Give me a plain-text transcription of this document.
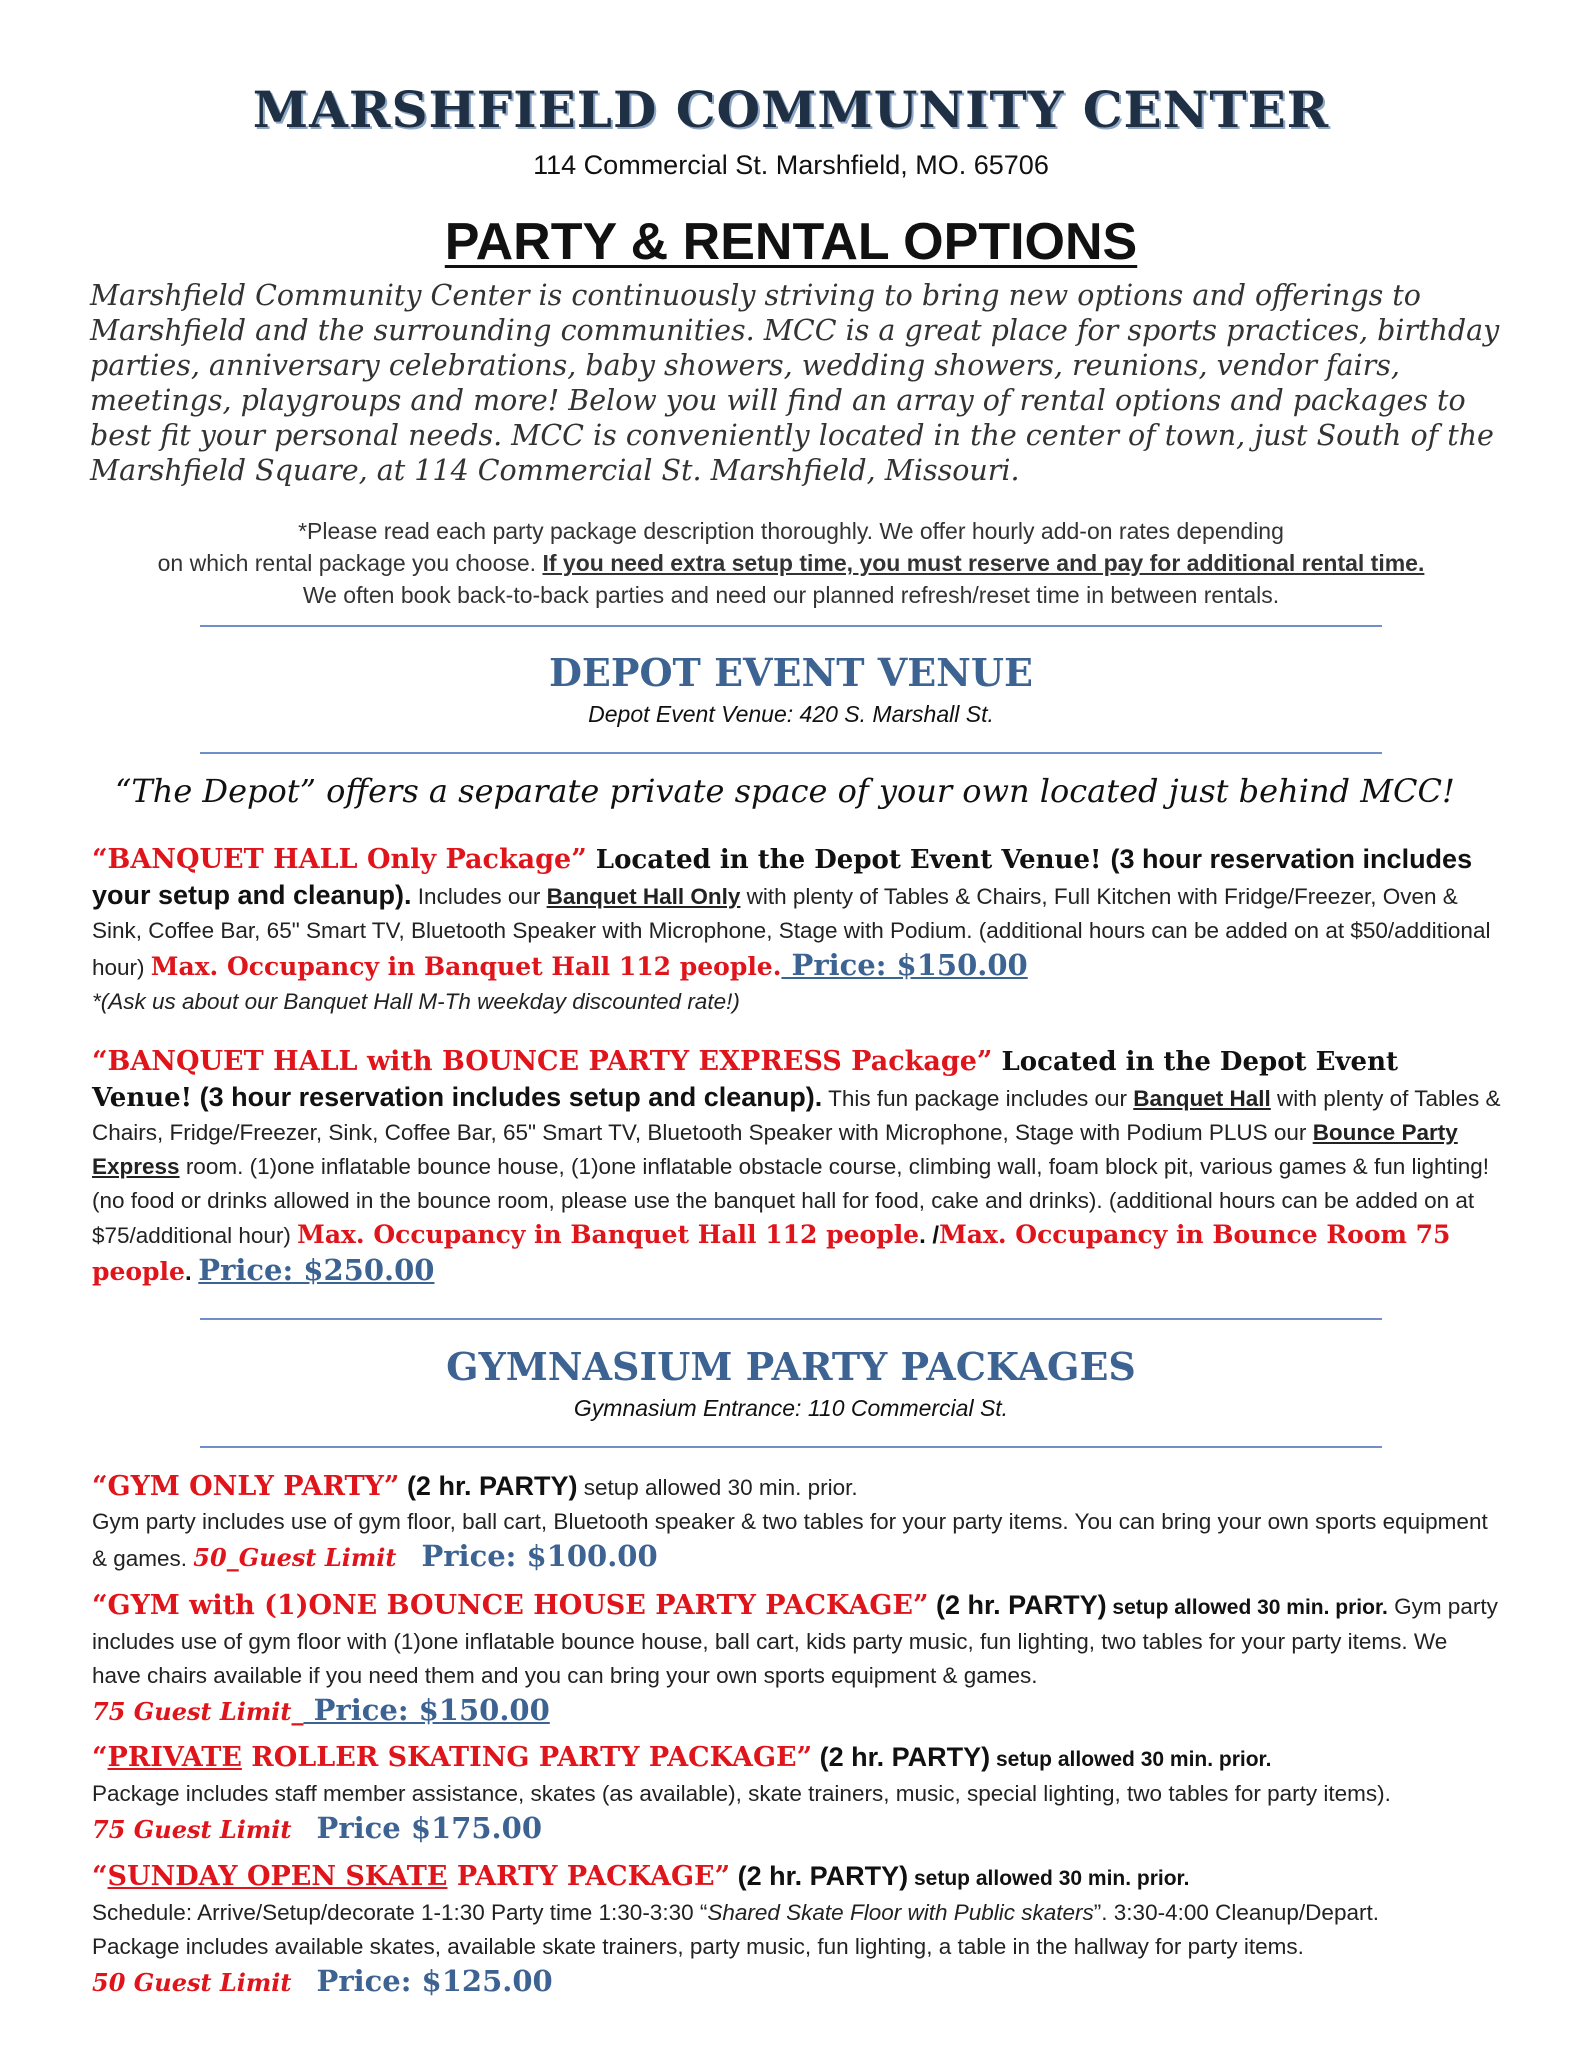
MARSHFIELD COMMUNITY CENTER
114 Commercial St. Marshfield, MO. 65706
PARTY & RENTAL OPTIONS
Marshfield Community Center is continuously striving to bring new options and offerings to Marshfield and the surrounding communities. MCC is a great place for sports practices, birthday parties, anniversary celebrations, baby showers, wedding showers, reunions, vendor fairs, meetings, playgroups and more! Below you will find an array of rental options and packages to best fit your personal needs. MCC is conveniently located in the center of town, just South of the Marshfield Square, at 114 Commercial St. Marshfield, Missouri.
*Please read each party package description thoroughly. We offer hourly add-on rates depending
on which rental package you choose. If you need extra setup time, you must reserve and pay for additional rental time.
We often book back-to-back parties and need our planned refresh/reset time in between rentals.
DEPOT EVENT VENUE
Depot Event Venue: 420 S. Marshall St.
“The Depot” offers a separate private space of your own located just behind MCC!
“BANQUET HALL Only Package” Located in the Depot Event Venue! (3 hour reservation includes your setup and cleanup). Includes our Banquet Hall Only with plenty of Tables & Chairs, Full Kitchen with Fridge/Freezer, Oven & Sink, Coffee Bar, 65" Smart TV, Bluetooth Speaker with Microphone, Stage with Podium. (additional hours can be added on at $50/additional hour) Max. Occupancy in Banquet Hall 112 people. Price: $150.00
*(Ask us about our Banquet Hall M-Th weekday discounted rate!)
“BANQUET HALL with BOUNCE PARTY EXPRESS Package” Located in the Depot Event Venue! (3 hour reservation includes setup and cleanup). This fun package includes our Banquet Hall with plenty of Tables & Chairs, Fridge/Freezer, Sink, Coffee Bar, 65" Smart TV, Bluetooth Speaker with Microphone, Stage with Podium PLUS our Bounce Party Express room. (1)one inflatable bounce house, (1)one inflatable obstacle course, climbing wall, foam block pit, various games & fun lighting! (no food or drinks allowed in the bounce room, please use the banquet hall for food, cake and drinks). (additional hours can be added on at $75/additional hour) Max. Occupancy in Banquet Hall 112 people. /Max. Occupancy in Bounce Room 75 people. Price: $250.00
GYMNASIUM PARTY PACKAGES
Gymnasium Entrance: 110 Commercial St.
“GYM ONLY PARTY” (2 hr. PARTY) setup allowed 30 min. prior.
Gym party includes use of gym floor, ball cart, Bluetooth speaker & two tables for your party items. You can bring your own sports equipment & games. 50_Guest Limit Price: $100.00
“GYM with (1)ONE BOUNCE HOUSE PARTY PACKAGE” (2 hr. PARTY) setup allowed 30 min. prior. Gym party includes use of gym floor with (1)one inflatable bounce house, ball cart, kids party music, fun lighting, two tables for your party items. We have chairs available if you need them and you can bring your own sports equipment & games.
75 Guest Limit_ Price: $150.00
“PRIVATE ROLLER SKATING PARTY PACKAGE” (2 hr. PARTY) setup allowed 30 min. prior.
Package includes staff member assistance, skates (as available), skate trainers, music, special lighting, two tables for party items).
75 Guest Limit Price $175.00
“SUNDAY OPEN SKATE PARTY PACKAGE” (2 hr. PARTY) setup allowed 30 min. prior.
Schedule: Arrive/Setup/decorate 1-1:30 Party time 1:30-3:30 “Shared Skate Floor with Public skaters”. 3:30-4:00 Cleanup/Depart.
Package includes available skates, available skate trainers, party music, fun lighting, a table in the hallway for party items.
50 Guest Limit Price: $125.00
